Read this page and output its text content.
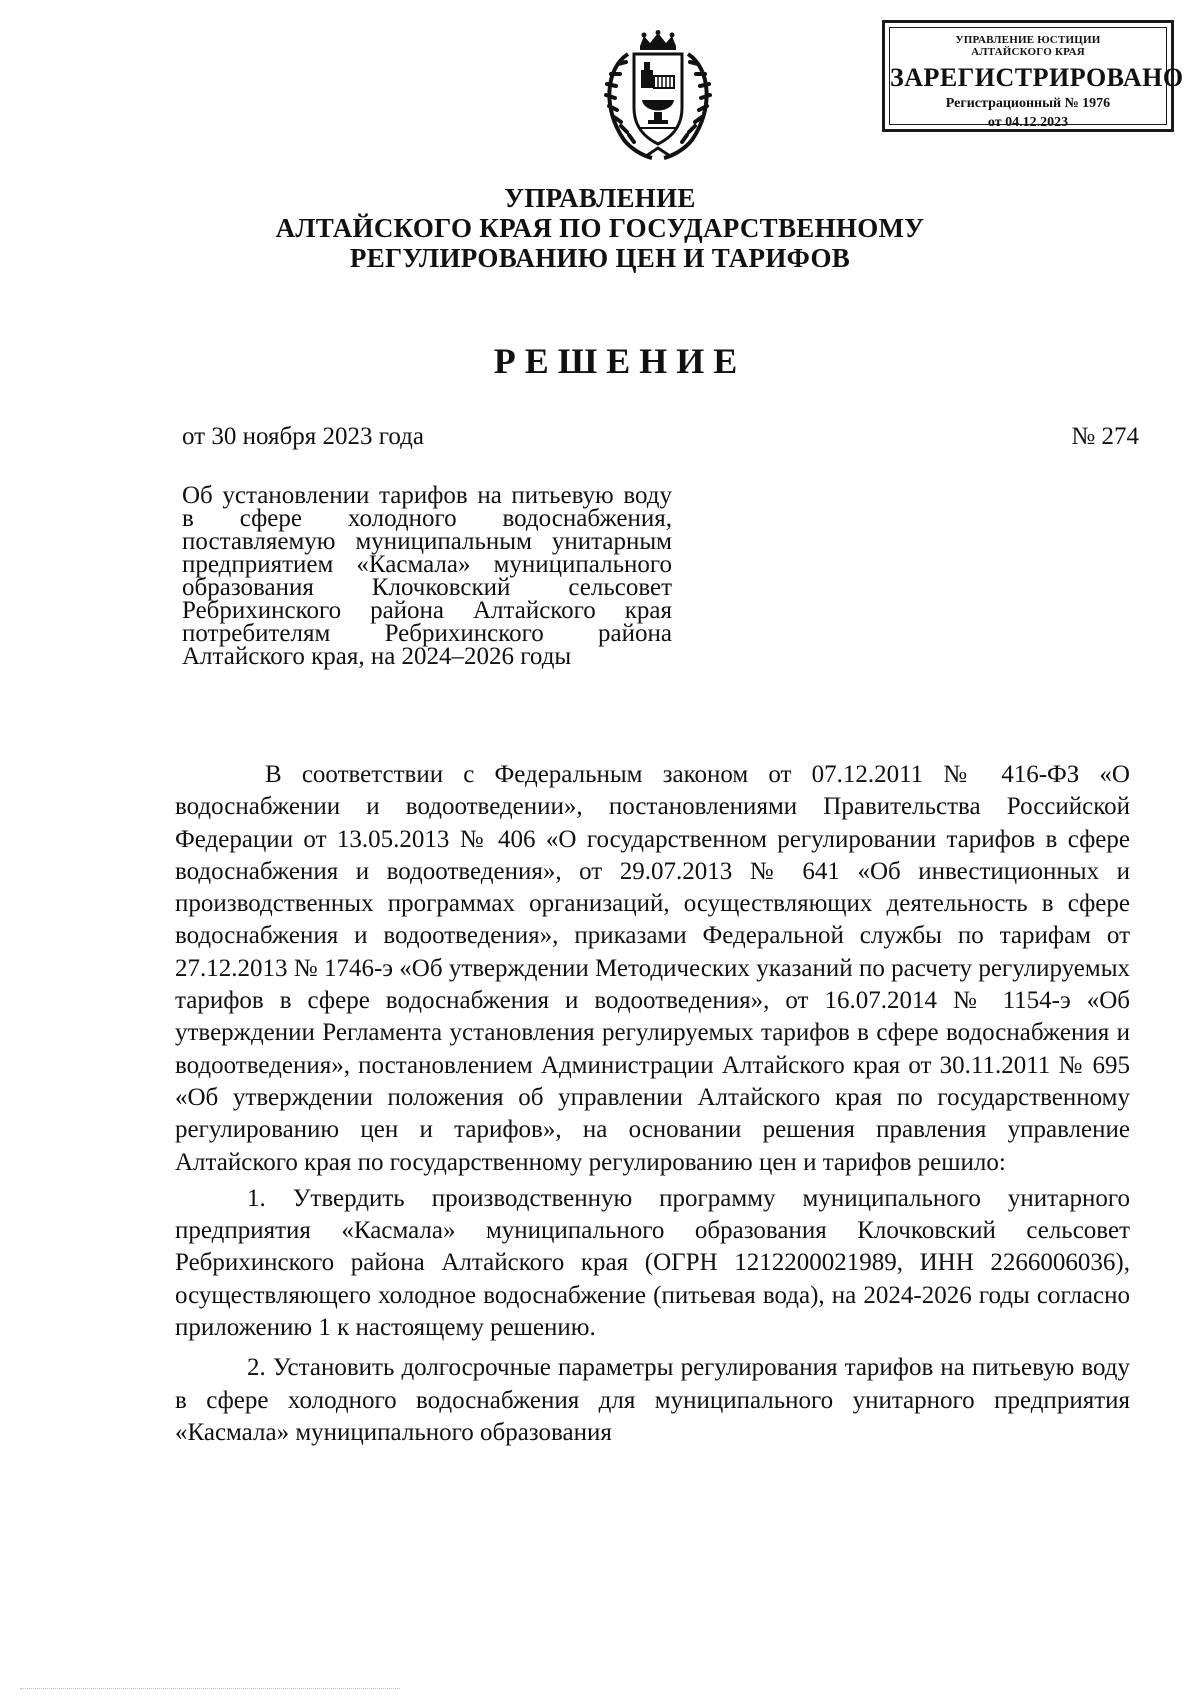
УПРАВЛЕНИЕ ЮСТИЦИИ
АЛТАЙСКОГО КРАЯ
ЗАРЕГИСТРИРОВАНО
Регистрационный № 1976
от 04.12.2023
УПРАВЛЕНИЕ
АЛТАЙСКОГО КРАЯ ПО ГОСУДАРСТВЕННОМУ
РЕГУЛИРОВАНИЮ ЦЕН И ТАРИФОВ
РЕШЕНИЕ
от 30 ноября 2023 года	№ 274
Об установлении тарифов на питьевую воду в сфере холодного водоснабжения, поставляемую муниципальным унитарным предприятием «Касмала» муниципального образования Клочковский сельсовет Ребрихинского района Алтайского края потребителям Ребрихинского района Алтайского края, на 2024–2026 годы

В соответствии с Федеральным законом от 07.12.2011 № 416-ФЗ «О водоснабжении и водоотведении», постановлениями Правительства Российской Федерации от 13.05.2013 № 406 «О государственном регулировании тарифов в сфере водоснабжения и водоотведения», от 29.07.2013 № 641 «Об инвестиционных и производственных программах организаций, осуществляющих деятельность в сфере водоснабжения и водоотведения», приказами Федеральной службы по тарифам от 27.12.2013 № 1746-э «Об утверждении Методических указаний по расчету регулируемых тарифов в сфере водоснабжения и водоотведения», от 16.07.2014 № 1154-э «Об утверждении Регламента установления регулируемых тарифов в сфере водоснабжения и водоотведения», постановлением Администрации Алтайского края от 30.11.2011 № 695 «Об утверждении положения об управлении Алтайского края по государственному регулированию цен и тарифов», на основании решения правления управление Алтайского края по государственному регулированию цен и тарифов решило:

1. Утвердить производственную программу муниципального унитарного предприятия «Касмала» муниципального образования Клочковский сельсовет Ребрихинского района Алтайского края (ОГРН 1212200021989, ИНН 2266006036), осуществляющего холодное водоснабжение (питьевая вода), на 2024-2026 годы согласно приложению 1 к настоящему решению.

2. Установить долгосрочные параметры регулирования тарифов на питьевую воду в сфере холодного водоснабжения для муниципального унитарного предприятия «Касмала» муниципального образования
